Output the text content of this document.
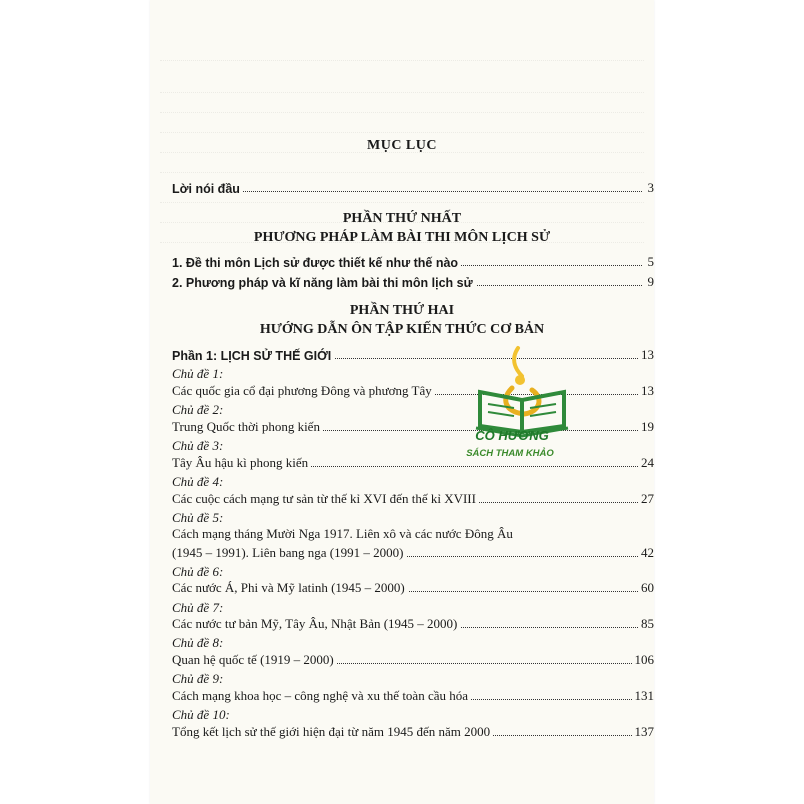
MỤC LỤC
Lời nói đầu	3
PHẦN THỨ NHẤT
PHƯƠNG PHÁP LÀM BÀI THI MÔN LỊCH SỬ
1. Đề thi môn Lịch sử được thiết kế như thế nào	5
2. Phương pháp và kĩ năng làm bài thi môn lịch sử	9
PHẦN THỨ HAI
HƯỚNG DẪN ÔN TẬP KIẾN THỨC CƠ BẢN
Phần 1: LỊCH SỬ THẾ GIỚI	13
Chủ đề 1:
Các quốc gia cổ đại phương Đông và phương Tây	13
Chủ đề 2:
Trung Quốc thời phong kiến	19
Chủ đề 3:
Tây Âu hậu kì phong kiến	24
Chủ đề 4:
Các cuộc cách mạng tư sản từ thế kỉ XVI đến thế kỉ XVIII	27
Chủ đề 5:
Cách mạng tháng Mười Nga 1917. Liên xô và các nước Đông Âu
(1945 – 1991). Liên bang nga (1991 – 2000)	42
Chủ đề 6:
Các nước Á, Phi và Mỹ latinh (1945 – 2000)	60
Chủ đề 7:
Các nước tư bản Mỹ, Tây Âu, Nhật Bản (1945 – 2000)	85
Chủ đề 8:
Quan hệ quốc tế (1919 – 2000)	106
Chủ đề 9:
Cách mạng khoa học – công nghệ và xu thế toàn cầu hóa	131
Chủ đề 10:
Tổng kết lịch sử thế giới hiện đại từ năm 1945 đến năm 2000	137
CÔ HƯƠNG
SÁCH THAM KHẢO
